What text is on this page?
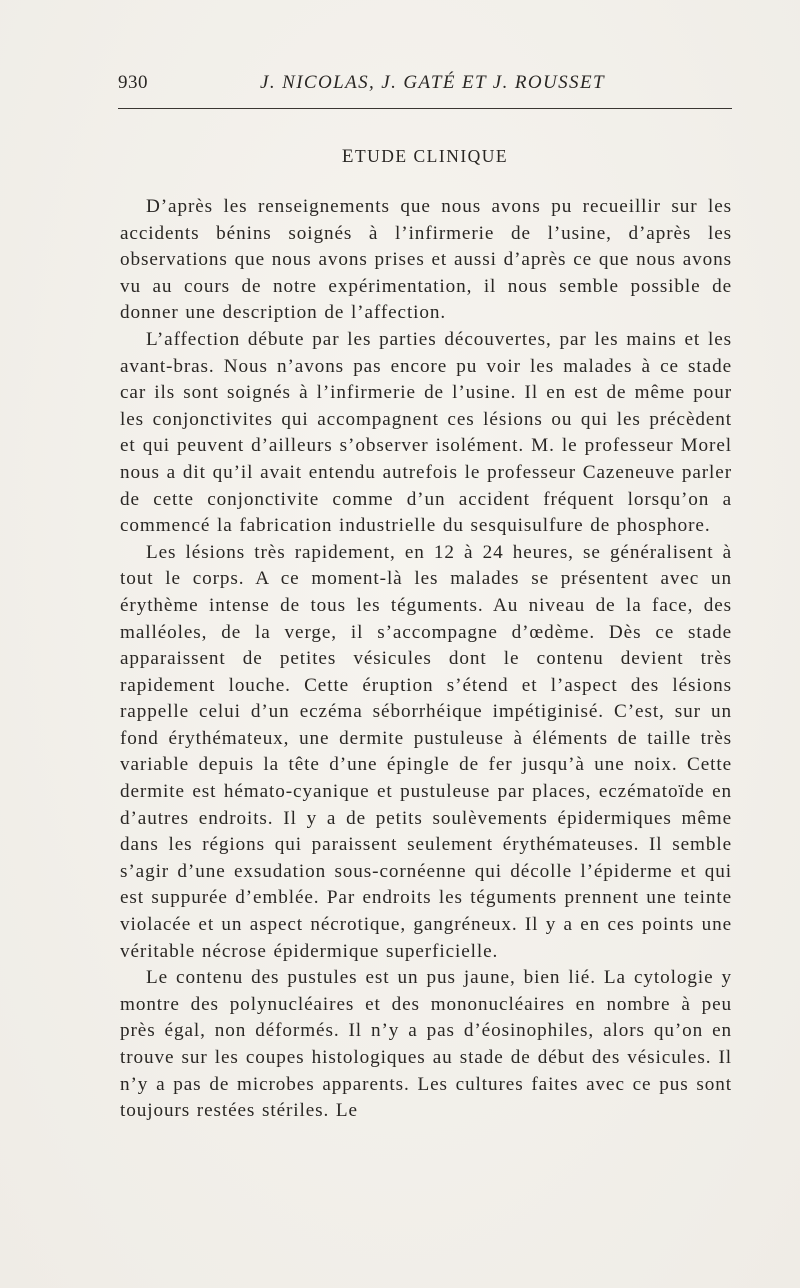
930	J. NICOLAS, J. GATÉ ET J. ROUSSET
ETUDE CLINIQUE

D’après les renseignements que nous avons pu recueillir sur les accidents bénins soignés à l’infirmerie de l’usine, d’après les observations que nous avons prises et aussi d’après ce que nous avons vu au cours de notre expérimentation, il nous semble possible de donner une description de l’affection.

L’affection débute par les parties découvertes, par les mains et les avant-bras. Nous n’avons pas encore pu voir les malades à ce stade car ils sont soignés à l’infirmerie de l’usine. Il en est de même pour les conjonctivites qui accompagnent ces lésions ou qui les précèdent et qui peuvent d’ailleurs s’observer isolément. M. le professeur Morel nous a dit qu’il avait entendu autrefois le professeur Cazeneuve parler de cette conjonctivite comme d’un accident fréquent lorsqu’on a commencé la fabrication industrielle du sesquisulfure de phosphore.

Les lésions très rapidement, en 12 à 24 heures, se généralisent à tout le corps. A ce moment-là les malades se présentent avec un érythème intense de tous les téguments. Au niveau de la face, des malléoles, de la verge, il s’accompagne d’œdème. Dès ce stade apparaissent de petites vésicules dont le contenu devient très rapidement louche. Cette éruption s’étend et l’aspect des lésions rappelle celui d’un eczéma séborrhéique impétiginisé. C’est, sur un fond érythémateux, une dermite pustuleuse à éléments de taille très variable depuis la tête d’une épingle de fer jusqu’à une noix. Cette dermite est hémato-cyanique et pustuleuse par places, eczématoïde en d’autres endroits. Il y a de petits soulèvements épidermiques même dans les régions qui paraissent seulement érythémateuses. Il semble s’agir d’une exsudation sous-cornéenne qui décolle l’épiderme et qui est suppurée d’emblée. Par endroits les téguments prennent une teinte violacée et un aspect nécrotique, gangréneux. Il y a en ces points une véritable nécrose épidermique superficielle.

Le contenu des pustules est un pus jaune, bien lié. La cytologie y montre des polynucléaires et des mononucléaires en nombre à peu près égal, non déformés. Il n’y a pas d’éosinophiles, alors qu’on en trouve sur les coupes histologiques au stade de début des vésicules. Il n’y a pas de microbes apparents. Les cultures faites avec ce pus sont toujours restées stériles. Le
